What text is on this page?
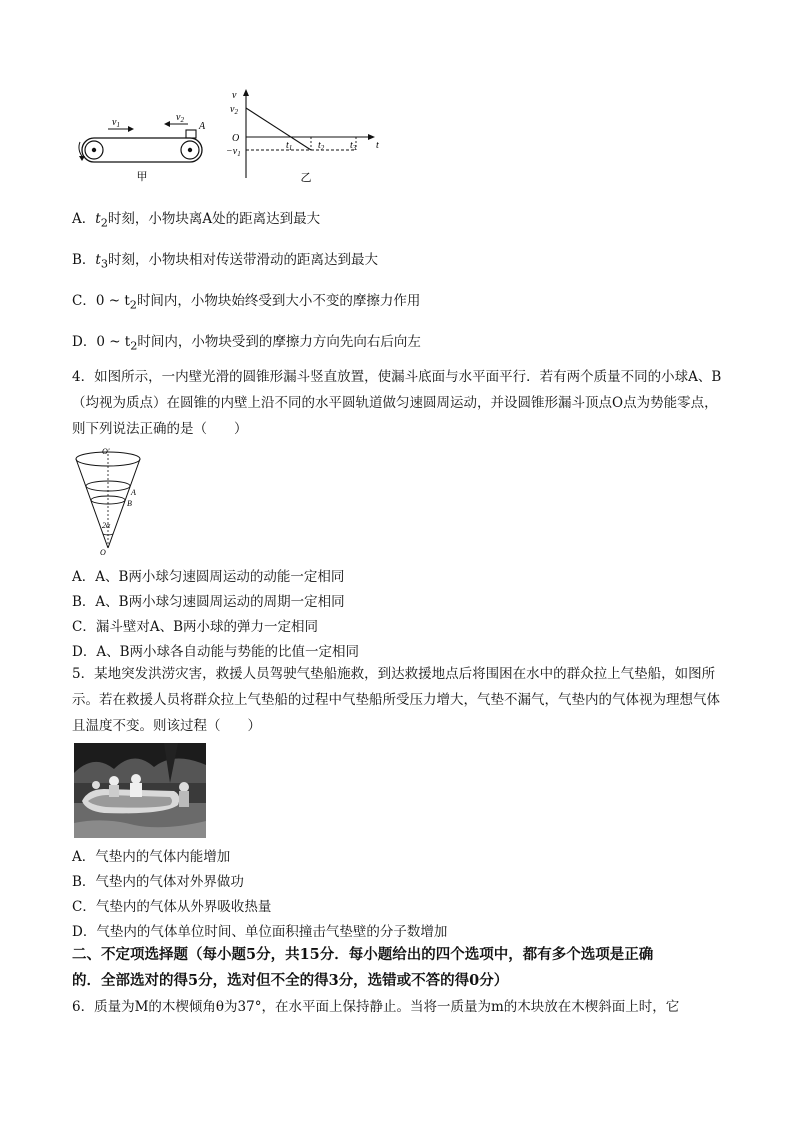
$v_1$
$v_2$
A
甲
v
t
O
$v_2$
$-v_1$
$t_1$	$t_2$	$t_3$
乙
A．$t_2$时刻，小物块离A处的距离达到最大
B．$t_3$时刻，小物块相对传送带滑动的距离达到最大
C．0 ~ $t_2$时间内，小物块始终受到大小不变的摩擦力作用
D．0 ~ $t_2$时间内，小物块受到的摩擦力方向先向右后向左
4．如图所示，一内壁光滑的圆锥形漏斗竖直放置，使漏斗底面与水平面平行．若有两个质量不同的小球A、B（均视为质点）在圆锥的内壁上沿不同的水平圆轨道做匀速圆周运动，并设圆锥形漏斗顶点O点为势能零点，则下列说法正确的是（　　）
O′
A
B
2α
O
A．A、B两小球匀速圆周运动的动能一定相同
B．A、B两小球匀速圆周运动的周期一定相同
C．漏斗壁对A、B两小球的弹力一定相同
D．A、B两小球各自动能与势能的比值一定相同
5．某地突发洪涝灾害，救援人员驾驶气垫船施救，到达救援地点后将围困在水中的群众拉上气垫船，如图所示。若在救援人员将群众拉上气垫船的过程中气垫船所受压力增大，气垫不漏气，气垫内的气体视为理想气体且温度不变。则该过程（　　）
A．气垫内的气体内能增加
B．气垫内的气体对外界做功
C．气垫内的气体从外界吸收热量
D．气垫内的气体单位时间、单位面积撞击气垫壁的分子数增加
二、不定项选择题（每小题5分，共15分．每小题给出的四个选项中，都有多个选项是正确
的．全部选对的得5分，选对但不全的得3分，选错或不答的得0分）
6．质量为M的木楔倾角θ为37°，在水平面上保持静止。当将一质量为m的木块放在木楔斜面上时，它
